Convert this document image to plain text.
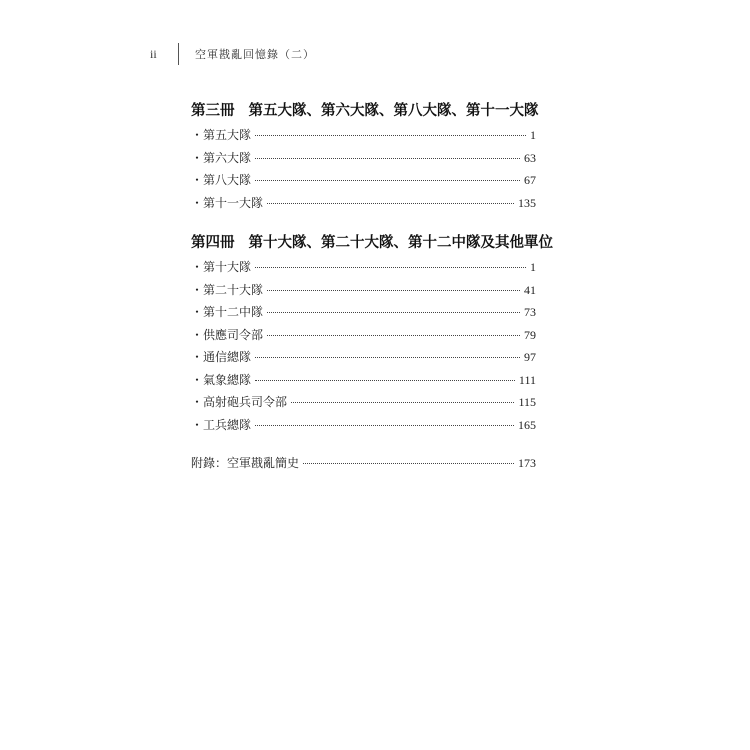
ii	空軍戡亂回憶錄（二）
第三冊 第五大隊、第六大隊、第八大隊、第十一大隊
・ 第五大隊	1
・ 第六大隊	63
・ 第八大隊	67
・ 第十一大隊	135
第四冊 第十大隊、第二十大隊、第十二中隊及其他單位
・ 第十大隊	1
・ 第二十大隊	41
・ 第十二中隊	73
・ 供應司令部	79
・ 通信總隊	97
・ 氣象總隊	111
・ 高射砲兵司令部	115
・ 工兵總隊	165
附錄：空軍戡亂簡史	173
